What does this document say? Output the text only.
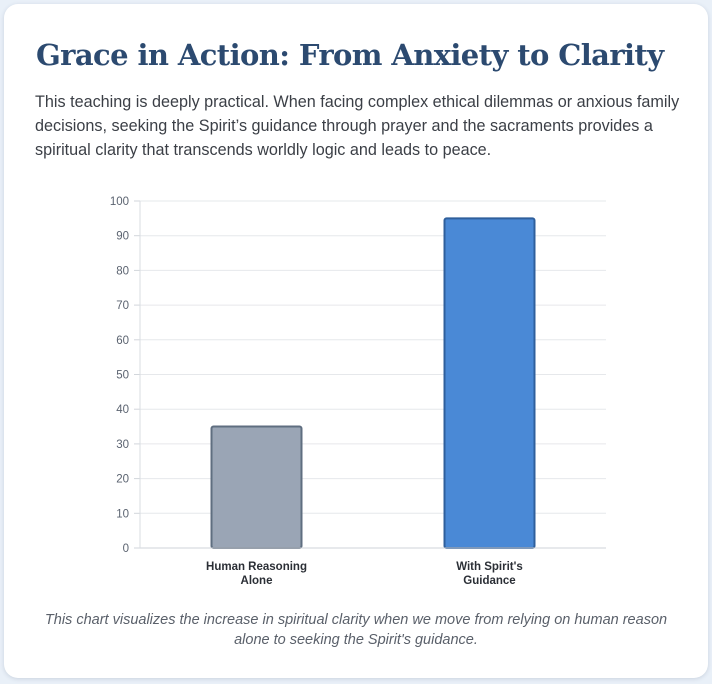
Grace in Action: From Anxiety to Clarity

This teaching is deeply practical. When facing complex ethical dilemmas or anxious family decisions, seeking the Spirit’s guidance through prayer and the sacraments provides a spiritual clarity that transcends worldly logic and leads to peace.

This chart visualizes the increase in spiritual clarity when we move from relying on human reason alone to seeking the Spirit's guidance.

0
10
20
30
40
50
60
70
80
90
100
Human Reasoning
Alone
With Spirit's
Guidance
